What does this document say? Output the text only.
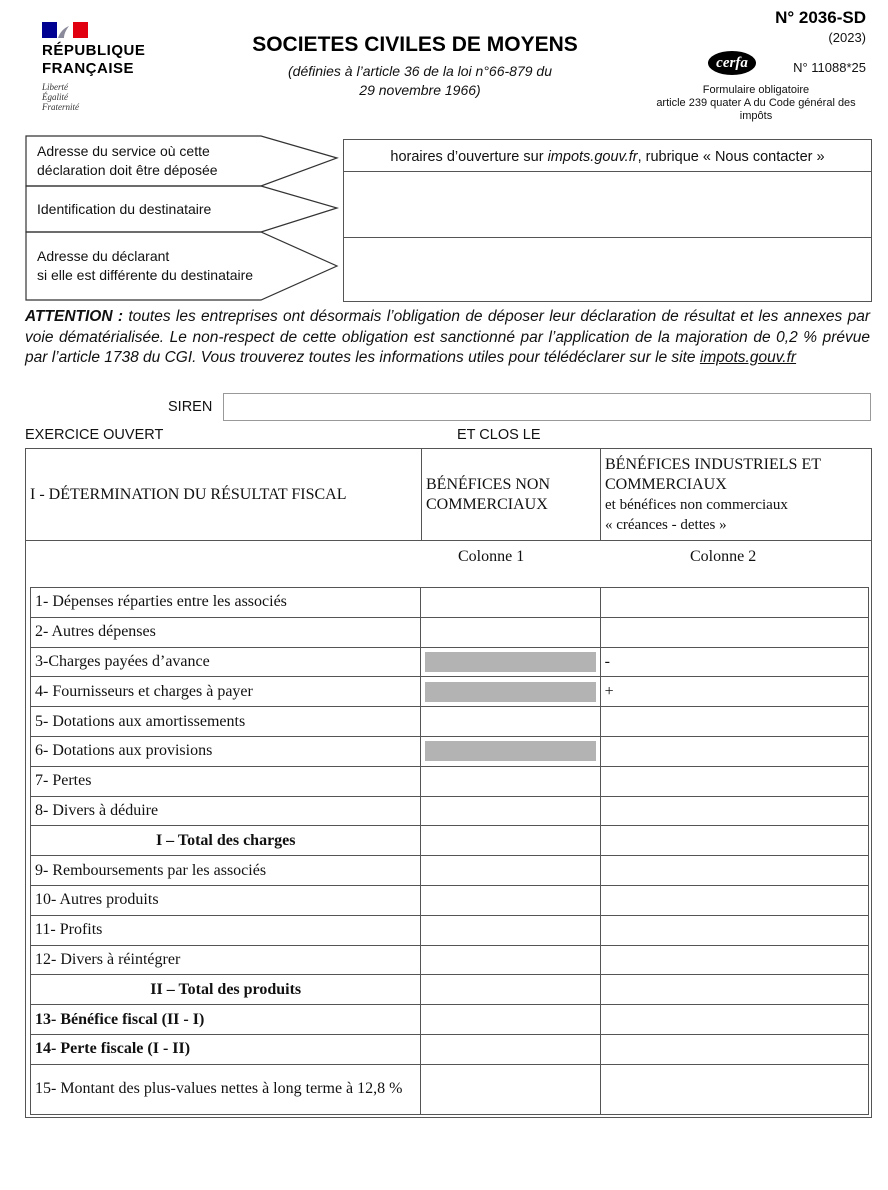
RÉPUBLIQUE
FRANÇAISE
Liberté
Égalité
Fraternité
SOCIETES CIVILES DE MOYENS
(définies à l’article 36 de la loi n°66-879 du
29 novembre 1966)
N° 2036-SD
(2023)
cerfa	N° 11088*25
Formulaire obligatoire
article 239 quater A du Code général des impôts
Adresse du service où cette
déclaration doit être déposée
Identification du destinataire
Adresse du déclarant
si elle est différente du destinataire
horaires d’ouverture sur impots.gouv.fr, rubrique « Nous contacter »
ATTENTION : toutes les entreprises ont désormais l’obligation de déposer leur déclaration de résultat et les annexes par voie dématérialisée. Le non-respect de cette obligation est sanctionné par l’application de la majoration de 0,2 % prévue par l’article 1738 du CGI. Vous trouverez toutes les informations utiles pour télédéclarer sur le site impots.gouv.fr
SIREN
EXERCICE OUVERT	ET CLOS LE
I - DÉTERMINATION DU RÉSULTAT FISCAL
BÉNÉFICES NON COMMERCIAUX
BÉNÉFICES INDUSTRIELS ET COMMERCIAUX
et bénéfices non commerciaux
« créances - dettes »
Colonne 1	Colonne 2
1- Dépenses réparties entre les associés		
2- Autres dépenses		
3-Charges payées d’avance		-
4- Fournisseurs et charges à payer		+
5- Dotations aux amortissements		
6- Dotations aux provisions	

7- Pertes		
8- Divers à déduire		
I – Total des charges		
9- Remboursements par les associés		
10- Autres produits		
11- Profits		
12- Divers à réintégrer		
II – Total des produits		
13- Bénéfice fiscal (II - I)		
14- Perte fiscale (I - II)		
15- Montant des plus-values nettes à long terme à 12,8 %		
